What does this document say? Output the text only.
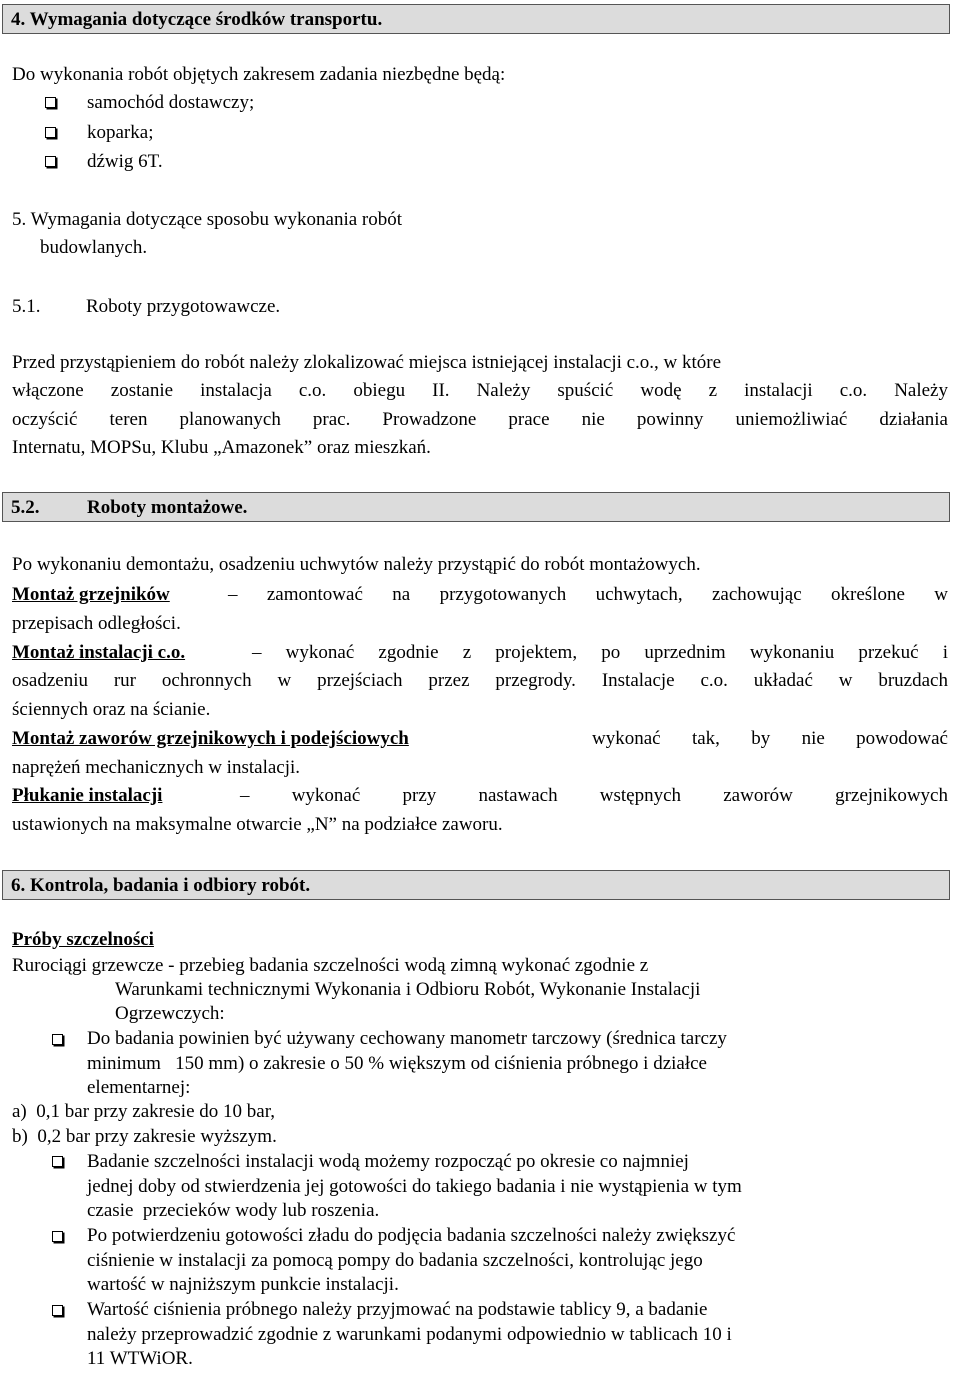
4. Wymagania dotyczące środków transportu.
Do wykonania robót objętych zakresem zadania niezbędne będą:
samochód dostawczy;
koparka;
dźwig 6T.
5. Wymagania dotyczące sposobu wykonania robót
budowlanych.
5.1. Roboty przygotowawcze.
Przed przystąpieniem do robót należy zlokalizować miejsca istniejącej instalacji c.o., w które
włączone zostanie instalacja c.o. obiegu II. Należy spuścić wodę z instalacji c.o. Należy
oczyścić teren planowanych prac. Prowadzone prace nie powinny uniemożliwiać działania
Internatu, MOPSu, Klubu „Amazonek” oraz mieszkań.
5.2.	Roboty montażowe.
Po wykonaniu demontażu, osadzeniu uchwytów należy przystąpić do robót montażowych.
Montaż grzejników	– zamontować na przygotowanych uchwytach, zachowując określone w
przepisach odległości.
Montaż instalacji c.o.	– wykonać zgodnie z projektem, po uprzednim wykonaniu przekuć i
osadzeniu rur ochronnych w przejściach przez przegrody. Instalacje c.o. układać w bruzdach
ściennych oraz na ścianie.
Montaż zaworów grzejnikowych i podejściowych	wykonać tak, by nie powodować
naprężeń mechanicznych w instalacji.
Płukanie instalacji	– wykonać przy nastawach wstępnych zaworów grzejnikowych
ustawionych na maksymalne otwarcie „N” na podziałce zaworu.
6. Kontrola, badania i odbiory robót.
Próby szczelności
Rurociągi grzewcze - przebieg badania szczelności wodą zimną wykonać zgodnie z
Warunkami technicznymi Wykonania i Odbioru Robót, Wykonanie Instalacji
Ogrzewczych:
Do badania powinien być używany cechowany manometr tarczowy (średnica tarczy
minimum   150 mm) o zakresie o 50 % większym od ciśnienia próbnego i działce
elementarnej:
a)  0,1 bar przy zakresie do 10 bar,
b)  0,2 bar przy zakresie wyższym.
Badanie szczelności instalacji wodą możemy rozpocząć po okresie co najmniej
jednej doby od stwierdzenia jej gotowości do takiego badania i nie wystąpienia w tym
czasie  przecieków wody lub roszenia.
Po potwierdzeniu gotowości zładu do podjęcia badania szczelności należy zwiększyć
ciśnienie w instalacji za pomocą pompy do badania szczelności, kontrolując jego
wartość w najniższym punkcie instalacji.
Wartość ciśnienia próbnego należy przyjmować na podstawie tablicy 9, a badanie
należy przeprowadzić zgodnie z warunkami podanymi odpowiednio w tablicach 10 i
11 WTWiOR.
